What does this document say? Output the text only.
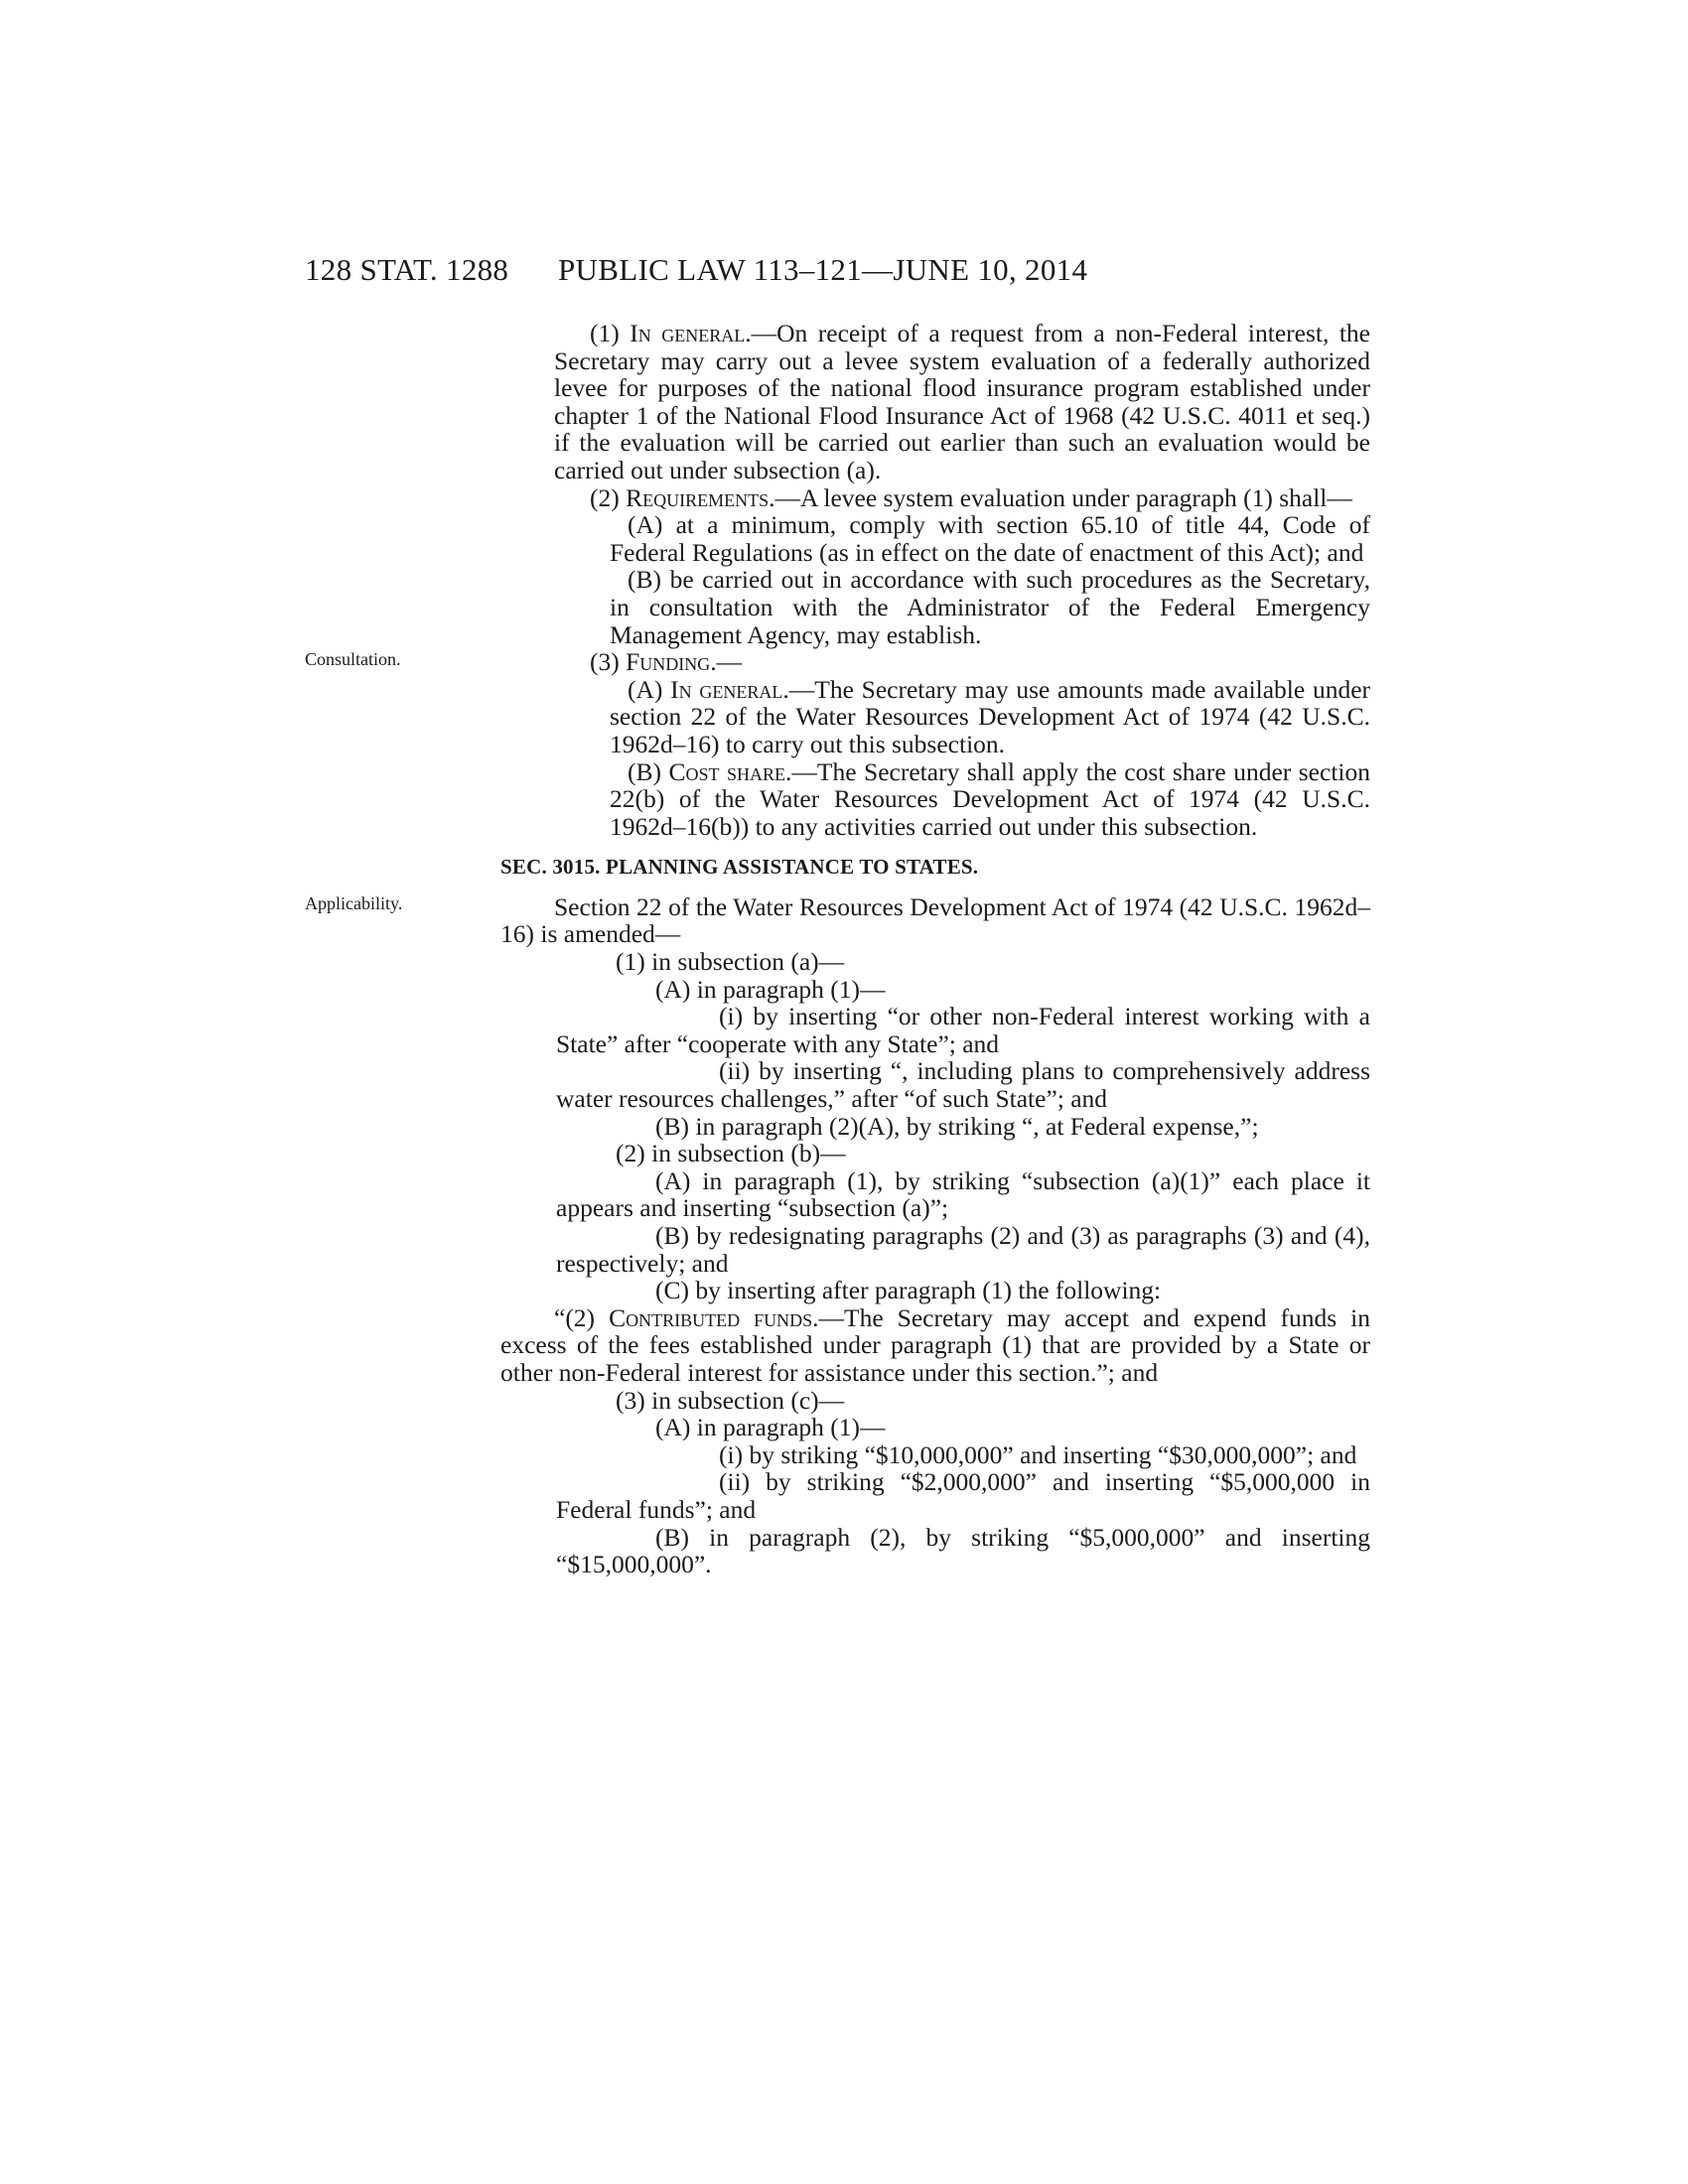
128 STAT. 1288 PUBLIC LAW 113–121—JUNE 10, 2014
Consultation.
Applicability.

(1) In general.—On receipt of a request from a non-Federal interest, the Secretary may carry out a levee system evaluation of a federally authorized levee for purposes of the national flood insurance program established under chapter 1 of the National Flood Insurance Act of 1968 (42 U.S.C. 4011 et seq.) if the evaluation will be carried out earlier than such an evaluation would be carried out under subsection (a).

(2) Requirements.—A levee system evaluation under paragraph (1) shall—

(A) at a minimum, comply with section 65.10 of title 44, Code of Federal Regulations (as in effect on the date of enactment of this Act); and

(B) be carried out in accordance with such procedures as the Secretary, in consultation with the Administrator of the Federal Emergency Management Agency, may establish.

(3) Funding.—

(A) In general.—The Secretary may use amounts made available under section 22 of the Water Resources Development Act of 1974 (42 U.S.C. 1962d–16) to carry out this subsection.

(B) Cost share.—The Secretary shall apply the cost share under section 22(b) of the Water Resources Development Act of 1974 (42 U.S.C. 1962d–16(b)) to any activities carried out under this subsection.

SEC. 3015. PLANNING ASSISTANCE TO STATES.

Section 22 of the Water Resources Development Act of 1974 (42 U.S.C. 1962d–16) is amended—

(1) in subsection (a)—

(A) in paragraph (1)—

(i) by inserting “or other non-Federal interest working with a State” after “cooperate with any State”; and

(ii) by inserting “, including plans to comprehensively address water resources challenges,” after “of such State”; and

(B) in paragraph (2)(A), by striking “, at Federal expense,”;

(2) in subsection (b)—

(A) in paragraph (1), by striking “subsection (a)(1)” each place it appears and inserting “subsection (a)”;

(B) by redesignating paragraphs (2) and (3) as paragraphs (3) and (4), respectively; and

(C) by inserting after paragraph (1) the following:

“(2) Contributed funds.—The Secretary may accept and expend funds in excess of the fees established under paragraph (1) that are provided by a State or other non-Federal interest for assistance under this section.”; and

(3) in subsection (c)—

(A) in paragraph (1)—

(i) by striking “$10,000,000” and inserting “$30,000,000”; and

(ii) by striking “$2,000,000” and inserting “$5,000,000 in Federal funds”; and

(B) in paragraph (2), by striking “$5,000,000” and inserting “$15,000,000”.
